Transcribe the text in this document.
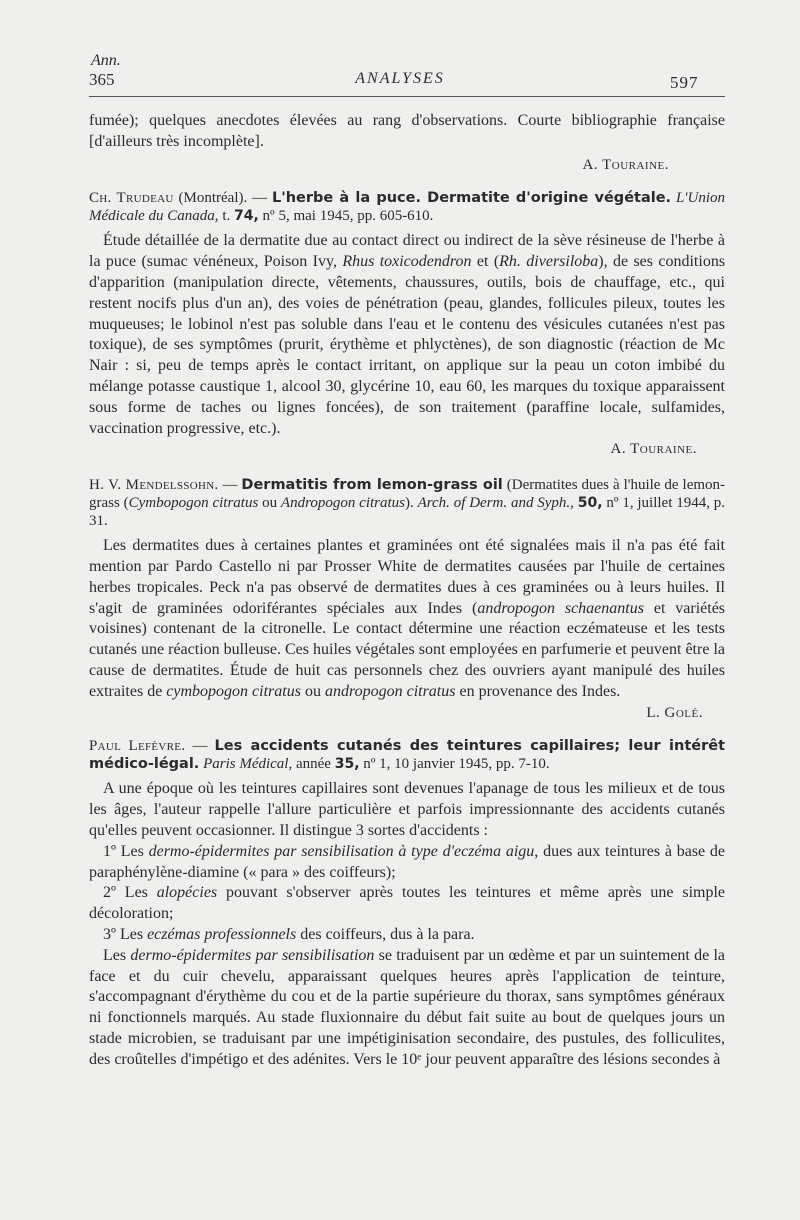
Ann.
365	ANALYSES	597

fumée); quelques anecdotes élevées au rang d'observations. Courte bibliographie française [d'ailleurs très incomplète].

A. Touraine.

Ch. Trudeau (Montréal). — L'herbe à la puce. Dermatite d'origine végétale. L'Union Médicale du Canada, t. 74, nº 5, mai 1945, pp. 605-610.

Étude détaillée de la dermatite due au contact direct ou indirect de la sève résineuse de l'herbe à la puce (sumac vénéneux, Poison Ivy, Rhus toxicodendron et (Rh. diversiloba), de ses conditions d'apparition (manipulation directe, vêtements, chaussures, outils, bois de chauffage, etc., qui restent nocifs plus d'un an), des voies de pénétration (peau, glandes, follicules pileux, toutes les muqueuses; le lobinol n'est pas soluble dans l'eau et le contenu des vésicules cutanées n'est pas toxique), de ses symptômes (prurit, érythème et phlyctènes), de son diagnostic (réaction de Mc Nair : si, peu de temps après le contact irritant, on applique sur la peau un coton imbibé du mélange potasse caustique 1, alcool 30, glycérine 10, eau 60, les marques du toxique apparaissent sous forme de taches ou lignes foncées), de son traitement (paraffine locale, sulfamides, vaccination progressive, etc.).

A. Touraine.

H. V. Mendelssohn. — Dermatitis from lemon-grass oil (Dermatites dues à l'huile de lemon-grass (Cymbopogon citratus ou Andropogon citratus). Arch. of Derm. and Syph., 50, nº 1, juillet 1944, p. 31.

Les dermatites dues à certaines plantes et graminées ont été signalées mais il n'a pas été fait mention par Pardo Castello ni par Prosser White de dermatites causées par l'huile de certaines herbes tropicales. Peck n'a pas observé de dermatites dues à ces graminées ou à leurs huiles. Il s'agit de graminées odoriférantes spéciales aux Indes (andropogon schaenantus et variétés voisines) contenant de la citronelle. Le contact détermine une réaction eczémateuse et les tests cutanés une réaction bulleuse. Ces huiles végétales sont employées en parfumerie et peuvent être la cause de dermatites. Étude de huit cas personnels chez des ouvriers ayant manipulé des huiles extraites de cymbopogon citratus ou andropogon citratus en provenance des Indes.

L. Golé.

Paul Lefèvre. — Les accidents cutanés des teintures capillaires; leur intérêt médico-légal. Paris Médical, année 35, nº 1, 10 janvier 1945, pp. 7-10.

A une époque où les teintures capillaires sont devenues l'apanage de tous les milieux et de tous les âges, l'auteur rappelle l'allure particulière et parfois impressionnante des accidents cutanés qu'elles peuvent occasionner. Il distingue 3 sortes d'accidents :

1º Les dermo-épidermites par sensibilisation à type d'eczéma aigu, dues aux teintures à base de paraphénylène-diamine (« para » des coiffeurs);

2º Les alopécies pouvant s'observer après toutes les teintures et même après une simple décoloration;

3º Les eczémas professionnels des coiffeurs, dus à la para.

Les dermo-épidermites par sensibilisation se traduisent par un œdème et par un suintement de la face et du cuir chevelu, apparaissant quelques heures après l'application de teinture, s'accompagnant d'érythème du cou et de la partie supérieure du thorax, sans symptômes généraux ni fonctionnels marqués. Au stade fluxionnaire du début fait suite au bout de quelques jours un stade microbien, se traduisant par une impétiginisation secondaire, des pustules, des folliculites, des croûtelles d'impétigo et des adénites. Vers le 10ᵉ jour peuvent apparaître des lésions secondes à
